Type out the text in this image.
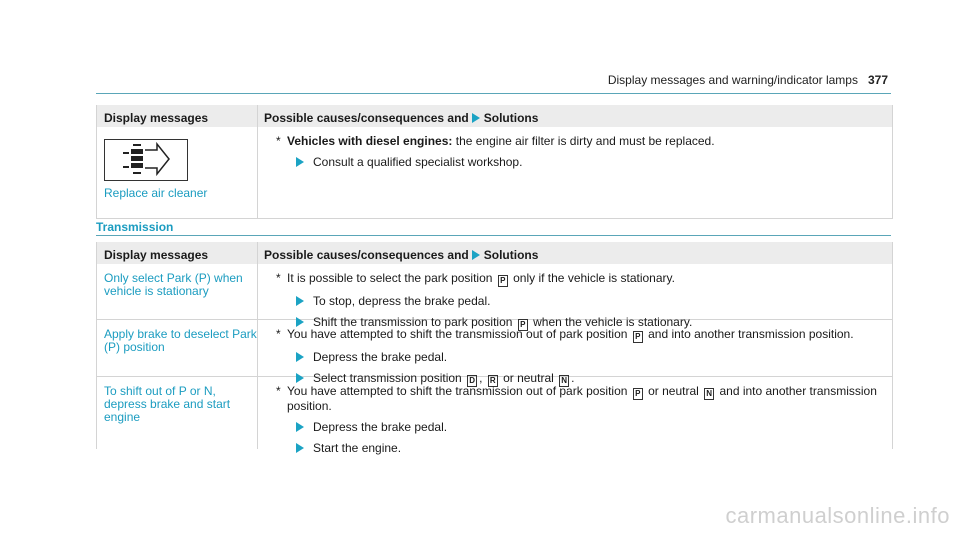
Display messages and warning/indicator lamps 377
Display messages	Possible causes/consequences and Solutions
Replace air cleaner
* Vehicles with diesel engines: the engine air filter is dirty and must be replaced.
Consult a qualified specialist workshop.
Transmission
Display messages	Possible causes/consequences and Solutions
Only select Park (P) when vehicle is stationary
* It is possible to select the park position P only if the vehicle is stationary.
To stop, depress the brake pedal.
Shift the transmission to park position P when the vehicle is stationary.
Apply brake to deselect Park (P) position
* You have attempted to shift the transmission out of park position P and into another transmission position.
Depress the brake pedal.
Select transmission position D , R or neutral N .
To shift out of P or N, depress brake and start engine
* You have attempted to shift the transmission out of park position P or neutral N and into another transmission position.
Depress the brake pedal.
Start the engine.
carmanualsonline.info
